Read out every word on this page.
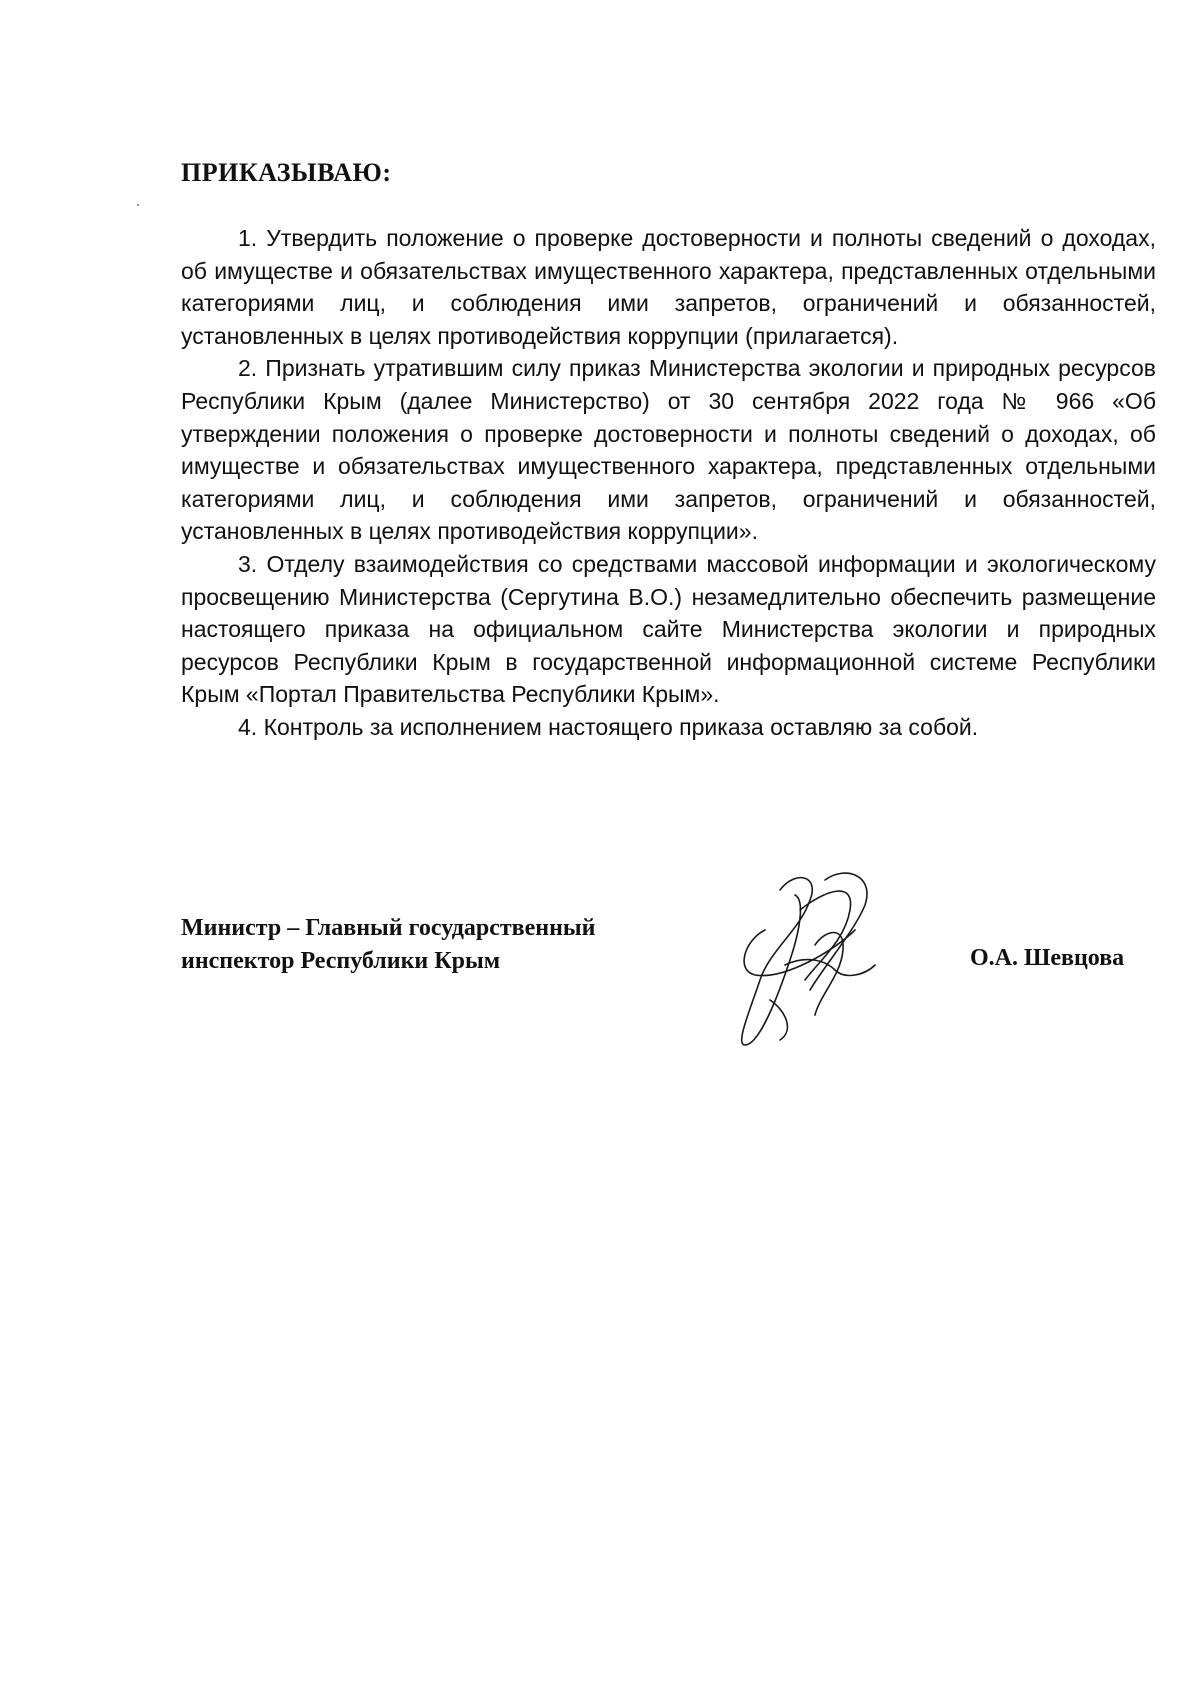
ПРИКАЗЫВАЮ:

1. Утвердить положение о проверке достоверности и полноты сведений о доходах, об имуществе и обязательствах имущественного характера, представленных отдельными категориями лиц, и соблюдения ими запретов, ограничений и обязанностей, установленных в целях противодействия коррупции (прилагается).

2. Признать утратившим силу приказ Министерства экологии и природных ресурсов Республики Крым (далее Министерство) от 30 сентября 2022 года № 966 «Об утверждении положения о проверке достоверности и полноты сведений о доходах, об имуществе и обязательствах имущественного характера, представленных отдельными категориями лиц, и соблюдения ими запретов, ограничений и обязанностей, установленных в целях противодействия коррупции».

3. Отделу взаимодействия со средствами массовой информации и экологическому просвещению Министерства (Сергутина В.О.) незамедлительно обеспечить размещение настоящего приказа на официальном сайте Министерства экологии и природных ресурсов Республики Крым в государственной информационной системе Республики Крым «Портал Правительства Республики Крым».

4. Контроль за исполнением настоящего приказа оставляю за собой.

Министр – Главный государственный
инспектор Республики Крым	О.А. Шевцова
